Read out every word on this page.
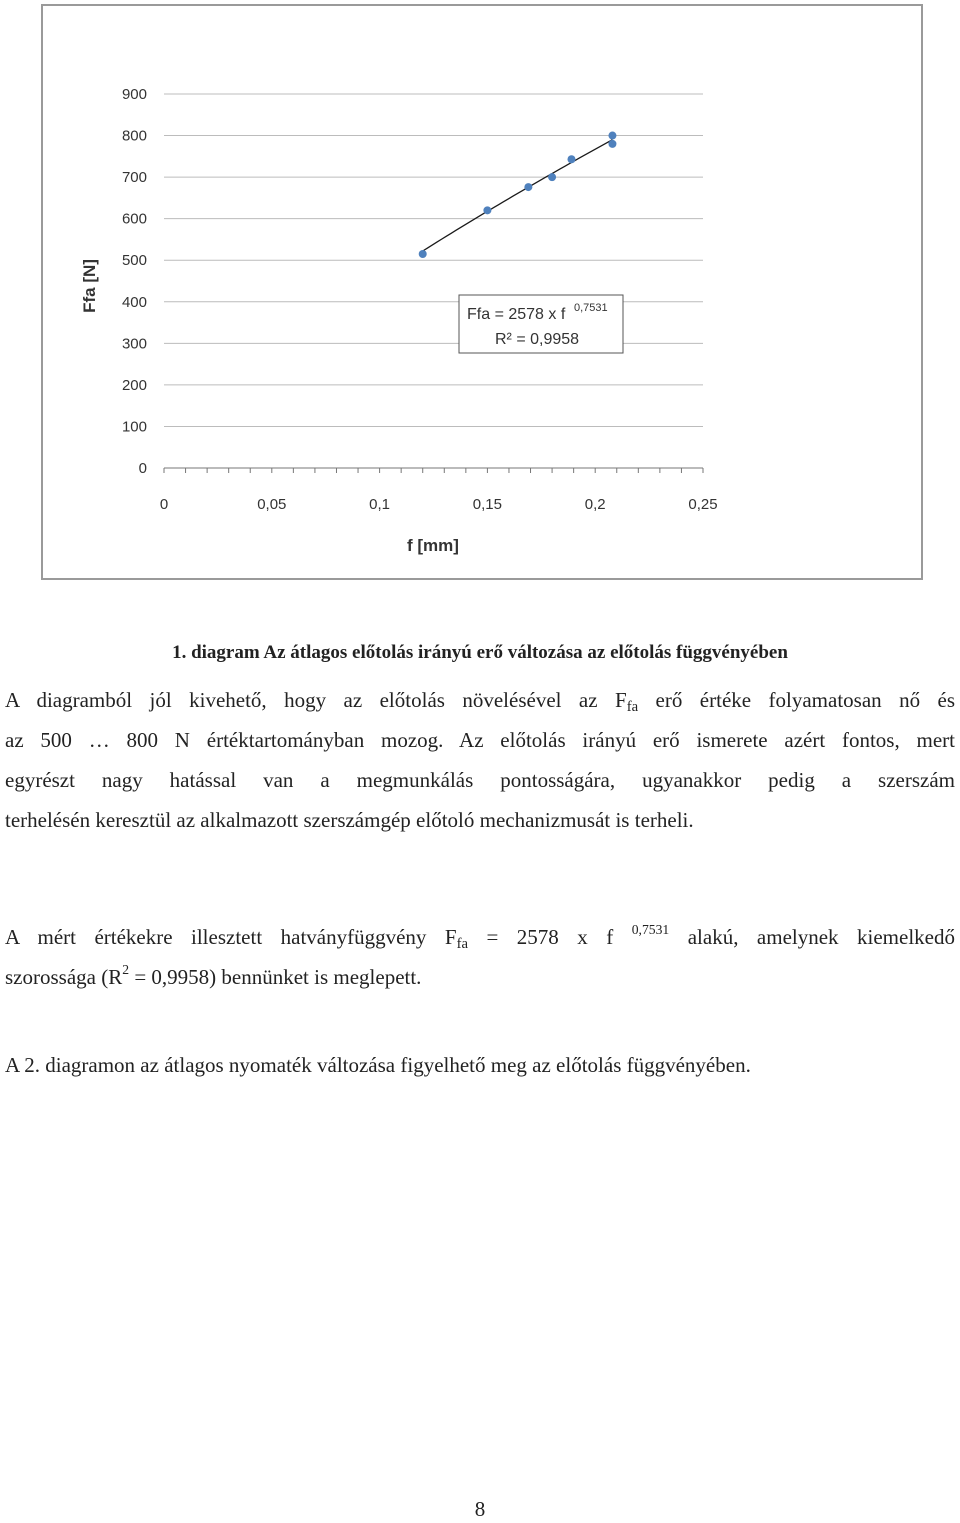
0
100
200
300
400
500
600
700
800
900
0	0,05	0,1	0,15	0,2	0,25
f [mm]
Ffa [N]
Ffa = 2578 x f 0,7531
R² = 0,9958
1. diagram Az átlagos előtolás irányú erő változása az előtolás függvényében
A diagramból jól kivehető, hogy az előtolás növelésével az $F_{fa}$ erő értéke folyamatosan nő és
az 500 … 800 N értéktartományban mozog. Az előtolás irányú erő ismerete azért fontos, mert
egyrészt nagy hatással van a megmunkálás pontosságára, ugyanakkor pedig a szerszám
terhelésén keresztül az alkalmazott szerszámgép előtoló mechanizmusát is terheli.
A mért értékekre illesztett hatványfüggvény $F_{fa} = 2578$ x f $^{0,7531}$ alakú, amelynek kiemelkedő
szorossága $(R^2 = 0,9958)$ bennünket is meglepett.
A 2. diagramon az átlagos nyomaték változása figyelhető meg az előtolás függvényében.
8
